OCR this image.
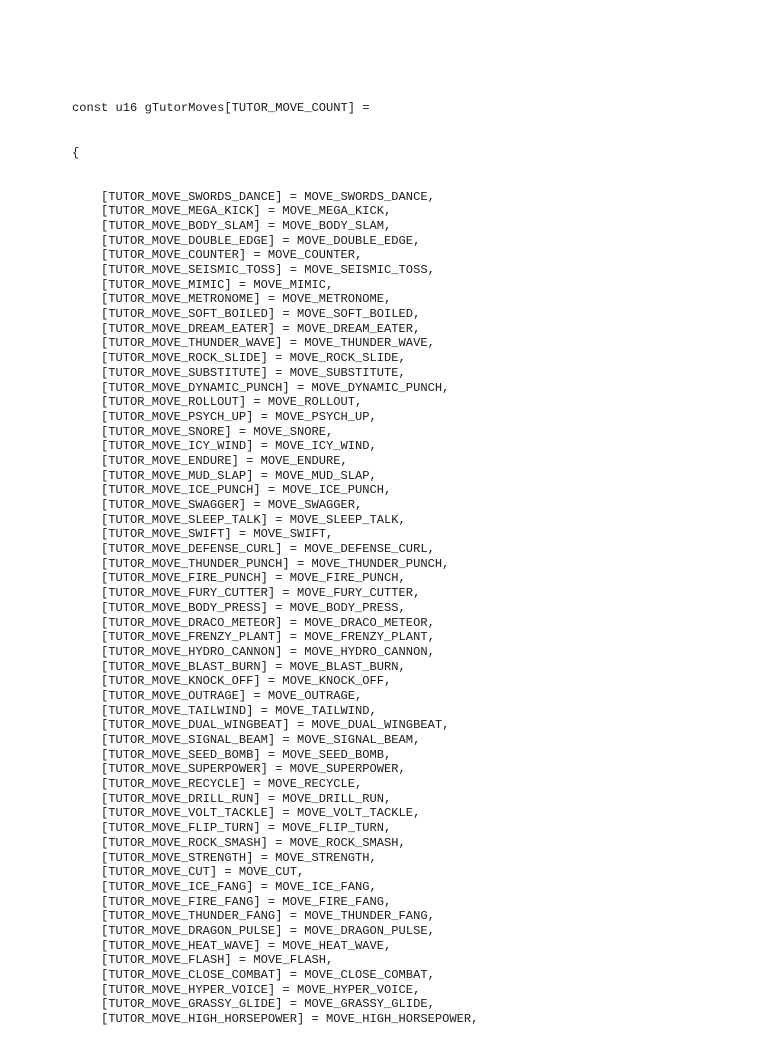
const u16 gTutorMoves[TUTOR_MOVE_COUNT] =

{

[TUTOR_MOVE_SWORDS_DANCE] = MOVE_SWORDS_DANCE,
[TUTOR_MOVE_MEGA_KICK] = MOVE_MEGA_KICK,
[TUTOR_MOVE_BODY_SLAM] = MOVE_BODY_SLAM,
[TUTOR_MOVE_DOUBLE_EDGE] = MOVE_DOUBLE_EDGE,
[TUTOR_MOVE_COUNTER] = MOVE_COUNTER,
[TUTOR_MOVE_SEISMIC_TOSS] = MOVE_SEISMIC_TOSS,
[TUTOR_MOVE_MIMIC] = MOVE_MIMIC,
[TUTOR_MOVE_METRONOME] = MOVE_METRONOME,
[TUTOR_MOVE_SOFT_BOILED] = MOVE_SOFT_BOILED,
[TUTOR_MOVE_DREAM_EATER] = MOVE_DREAM_EATER,
[TUTOR_MOVE_THUNDER_WAVE] = MOVE_THUNDER_WAVE,
[TUTOR_MOVE_ROCK_SLIDE] = MOVE_ROCK_SLIDE,
[TUTOR_MOVE_SUBSTITUTE] = MOVE_SUBSTITUTE,
[TUTOR_MOVE_DYNAMIC_PUNCH] = MOVE_DYNAMIC_PUNCH,
[TUTOR_MOVE_ROLLOUT] = MOVE_ROLLOUT,
[TUTOR_MOVE_PSYCH_UP] = MOVE_PSYCH_UP,
[TUTOR_MOVE_SNORE] = MOVE_SNORE,
[TUTOR_MOVE_ICY_WIND] = MOVE_ICY_WIND,
[TUTOR_MOVE_ENDURE] = MOVE_ENDURE,
[TUTOR_MOVE_MUD_SLAP] = MOVE_MUD_SLAP,
[TUTOR_MOVE_ICE_PUNCH] = MOVE_ICE_PUNCH,
[TUTOR_MOVE_SWAGGER] = MOVE_SWAGGER,
[TUTOR_MOVE_SLEEP_TALK] = MOVE_SLEEP_TALK,
[TUTOR_MOVE_SWIFT] = MOVE_SWIFT,
[TUTOR_MOVE_DEFENSE_CURL] = MOVE_DEFENSE_CURL,
[TUTOR_MOVE_THUNDER_PUNCH] = MOVE_THUNDER_PUNCH,
[TUTOR_MOVE_FIRE_PUNCH] = MOVE_FIRE_PUNCH,
[TUTOR_MOVE_FURY_CUTTER] = MOVE_FURY_CUTTER,
[TUTOR_MOVE_BODY_PRESS] = MOVE_BODY_PRESS,
[TUTOR_MOVE_DRACO_METEOR] = MOVE_DRACO_METEOR,
[TUTOR_MOVE_FRENZY_PLANT] = MOVE_FRENZY_PLANT,
[TUTOR_MOVE_HYDRO_CANNON] = MOVE_HYDRO_CANNON,
[TUTOR_MOVE_BLAST_BURN] = MOVE_BLAST_BURN,
[TUTOR_MOVE_KNOCK_OFF] = MOVE_KNOCK_OFF,
[TUTOR_MOVE_OUTRAGE] = MOVE_OUTRAGE,
[TUTOR_MOVE_TAILWIND] = MOVE_TAILWIND,
[TUTOR_MOVE_DUAL_WINGBEAT] = MOVE_DUAL_WINGBEAT,
[TUTOR_MOVE_SIGNAL_BEAM] = MOVE_SIGNAL_BEAM,
[TUTOR_MOVE_SEED_BOMB] = MOVE_SEED_BOMB,
[TUTOR_MOVE_SUPERPOWER] = MOVE_SUPERPOWER,
[TUTOR_MOVE_RECYCLE] = MOVE_RECYCLE,
[TUTOR_MOVE_DRILL_RUN] = MOVE_DRILL_RUN,
[TUTOR_MOVE_VOLT_TACKLE] = MOVE_VOLT_TACKLE,
[TUTOR_MOVE_FLIP_TURN] = MOVE_FLIP_TURN,
[TUTOR_MOVE_ROCK_SMASH] = MOVE_ROCK_SMASH,
[TUTOR_MOVE_STRENGTH] = MOVE_STRENGTH,
[TUTOR_MOVE_CUT] = MOVE_CUT,
[TUTOR_MOVE_ICE_FANG] = MOVE_ICE_FANG,
[TUTOR_MOVE_FIRE_FANG] = MOVE_FIRE_FANG,
[TUTOR_MOVE_THUNDER_FANG] = MOVE_THUNDER_FANG,
[TUTOR_MOVE_DRAGON_PULSE] = MOVE_DRAGON_PULSE,
[TUTOR_MOVE_HEAT_WAVE] = MOVE_HEAT_WAVE,
[TUTOR_MOVE_FLASH] = MOVE_FLASH,
[TUTOR_MOVE_CLOSE_COMBAT] = MOVE_CLOSE_COMBAT,
[TUTOR_MOVE_HYPER_VOICE] = MOVE_HYPER_VOICE,
[TUTOR_MOVE_GRASSY_GLIDE] = MOVE_GRASSY_GLIDE,
[TUTOR_MOVE_HIGH_HORSEPOWER] = MOVE_HIGH_HORSEPOWER,
